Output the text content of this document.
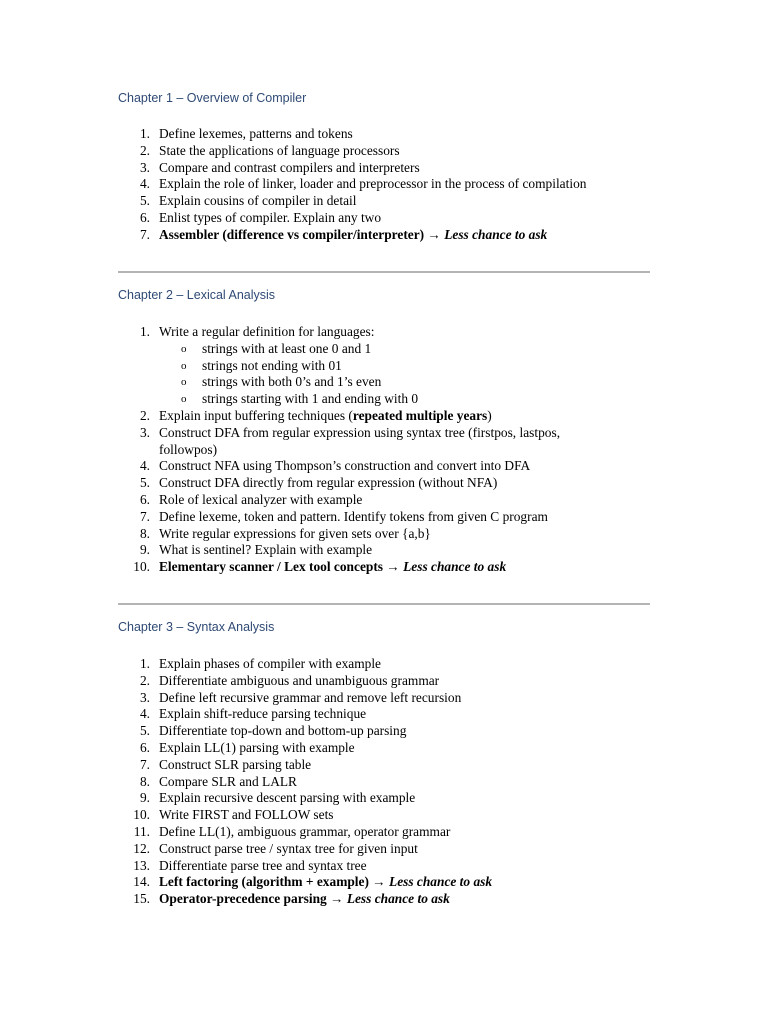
Chapter 1 – Overview of Compiler
1. Define lexemes, patterns and tokens
2. State the applications of language processors
3. Compare and contrast compilers and interpreters
4. Explain the role of linker, loader and preprocessor in the process of compilation
5. Explain cousins of compiler in detail
6. Enlist types of compiler. Explain any two
7. Assembler (difference vs compiler/interpreter) → Less chance to ask
Chapter 2 – Lexical Analysis
1. Write a regular definition for languages:
o strings with at least one 0 and 1
o strings not ending with 01
o strings with both 0’s and 1’s even
o strings starting with 1 and ending with 0
2. Explain input buffering techniques (repeated multiple years)
3. Construct DFA from regular expression using syntax tree (firstpos, lastpos, followpos)
4. Construct NFA using Thompson’s construction and convert into DFA
5. Construct DFA directly from regular expression (without NFA)
6. Role of lexical analyzer with example
7. Define lexeme, token and pattern. Identify tokens from given C program
8. Write regular expressions for given sets over {a,b}
9. What is sentinel? Explain with example
10. Elementary scanner / Lex tool concepts → Less chance to ask
Chapter 3 – Syntax Analysis
1. Explain phases of compiler with example
2. Differentiate ambiguous and unambiguous grammar
3. Define left recursive grammar and remove left recursion
4. Explain shift-reduce parsing technique
5. Differentiate top-down and bottom-up parsing
6. Explain LL(1) parsing with example
7. Construct SLR parsing table
8. Compare SLR and LALR
9. Explain recursive descent parsing with example
10. Write FIRST and FOLLOW sets
11. Define LL(1), ambiguous grammar, operator grammar
12. Construct parse tree / syntax tree for given input
13. Differentiate parse tree and syntax tree
14. Left factoring (algorithm + example) → Less chance to ask
15. Operator-precedence parsing → Less chance to ask
